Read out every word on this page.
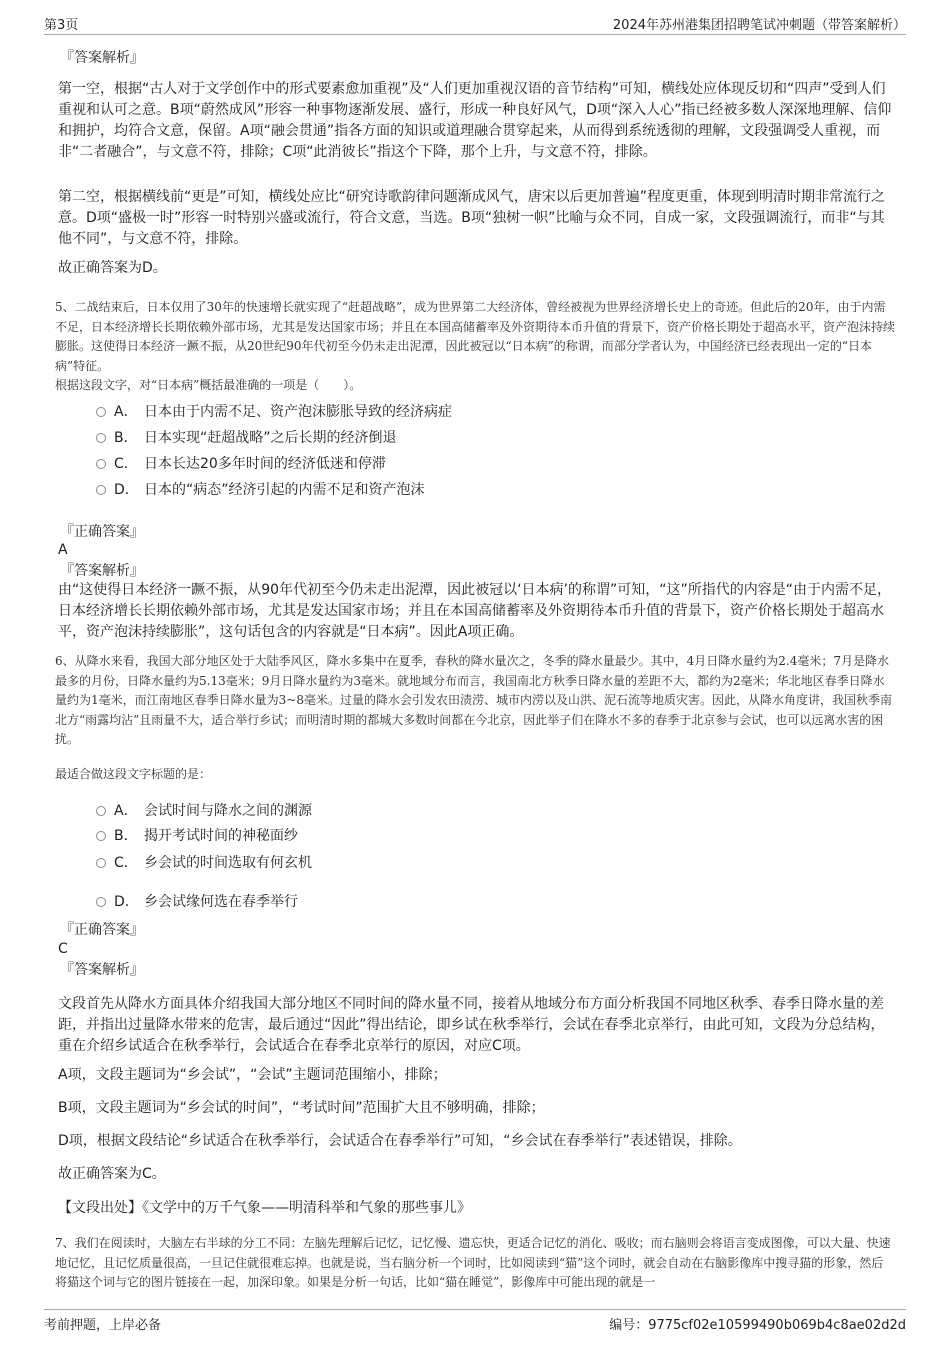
第3页	2024年苏州港集团招聘笔试冲刺题（带答案解析）

『答案解析』

第一空，根据“古人对于文学创作中的形式要素愈加重视”及“人们更加重视汉语的音节结构”可知，横线处应体现反切和“四声”受到人们重视和认可之意。B项“蔚然成风”形容一种事物逐渐发展、盛行，形成一种良好风气，D项“深入人心”指已经被多数人深深地理解、信仰和拥护，均符合文意，保留。A项“融会贯通”指各方面的知识或道理融合贯穿起来，从而得到系统透彻的理解，文段强调受人重视，而非“二者融合”，与文意不符，排除；C项“此消彼长”指这个下降，那个上升，与文意不符，排除。

第二空，根据横线前“更是”可知，横线处应比“研究诗歌韵律问题渐成风气，唐宋以后更加普遍”程度更重，体现到明清时期非常流行之意。D项“盛极一时”形容一时特别兴盛或流行，符合文意，当选。B项“独树一帜”比喻与众不同，自成一家，文段强调流行，而非“与其他不同”，与文意不符，排除。

故正确答案为D。

5、二战结束后，日本仅用了30年的快速增长就实现了“赶超战略”，成为世界第二大经济体，曾经被视为世界经济增长史上的奇迹。但此后的20年，由于内需不足，日本经济增长长期依赖外部市场，尤其是发达国家市场；并且在本国高储蓄率及外资期待本币升值的背景下，资产价格长期处于超高水平，资产泡沫持续膨胀。这使得日本经济一蹶不振，从20世纪90年代初至今仍未走出泥潭，因此被冠以“日本病”的称谓，而部分学者认为，中国经济已经表现出一定的“日本病”特征。

根据这段文字，对“日本病”概括最准确的一项是（　　）。

A． 日本由于内需不足、资产泡沫膨胀导致的经济病症
B． 日本实现“赶超战略”之后长期的经济倒退
C． 日本长达20多年时间的经济低迷和停滞
D． 日本的“病态”经济引起的内需不足和资产泡沫

『正确答案』

A

『答案解析』

由“这使得日本经济一蹶不振，从90年代初至今仍未走出泥潭，因此被冠以‘日本病’的称谓”可知，“这”所指代的内容是“由于内需不足，日本经济增长长期依赖外部市场，尤其是发达国家市场；并且在本国高储蓄率及外资期待本币升值的背景下，资产价格长期处于超高水平，资产泡沫持续膨胀”，这句话包含的内容就是“日本病”。因此A项正确。

6、从降水来看，我国大部分地区处于大陆季风区，降水多集中在夏季，春秋的降水量次之，冬季的降水量最少。其中，4月日降水量约为2.4毫米；7月是降水最多的月份，日降水量约为5.13毫米；9月日降水量约为3毫米。就地域分布而言，我国南北方秋季日降水量的差距不大，都约为2毫米；华北地区春季日降水量约为1毫米，而江南地区春季日降水量为3~8毫米。过量的降水会引发农田渍涝、城市内涝以及山洪、泥石流等地质灾害。因此，从降水角度讲，我国秋季南北方“雨露均沾”且雨量不大，适合举行乡试；而明清时期的都城大多数时间都在今北京，因此举子们在降水不多的春季于北京参与会试，也可以远离水害的困扰。

最适合做这段文字标题的是：

A． 会试时间与降水之间的渊源
B． 揭开考试时间的神秘面纱
C． 乡会试的时间选取有何玄机
D． 乡会试缘何选在春季举行

『正确答案』

C

『答案解析』

文段首先从降水方面具体介绍我国大部分地区不同时间的降水量不同，接着从地域分布方面分析我国不同地区秋季、春季日降水量的差距，并指出过量降水带来的危害，最后通过“因此”得出结论，即乡试在秋季举行，会试在春季北京举行，由此可知，文段为分总结构，重在介绍乡试适合在秋季举行，会试适合在春季北京举行的原因，对应C项。

A项，文段主题词为“乡会试”，“会试”主题词范围缩小，排除；

B项，文段主题词为“乡会试的时间”，“考试时间”范围扩大且不够明确，排除；

D项，根据文段结论“乡试适合在秋季举行，会试适合在春季举行”可知，“乡会试在春季举行”表述错误，排除。

故正确答案为C。

【文段出处】《文学中的万千气象——明清科举和气象的那些事儿》

7、我们在阅读时，大脑左右半球的分工不同：左脑先理解后记忆，记忆慢、遗忘快，更适合记忆的消化、吸收；而右脑则会将语言变成图像，可以大量、快速地记忆，且记忆质量很高，一旦记住就很难忘掉。也就是说，当右脑分析一个词时，比如阅读到“猫”这个词时，就会自动在右脑影像库中搜寻猫的形象，然后将猫这个词与它的图片链接在一起，加深印象。如果是分析一句话，比如“猫在睡觉”，影像库中可能出现的就是一

考前押题，上岸必备	编号：9775cf02e10599490b069b4c8ae02d2d
